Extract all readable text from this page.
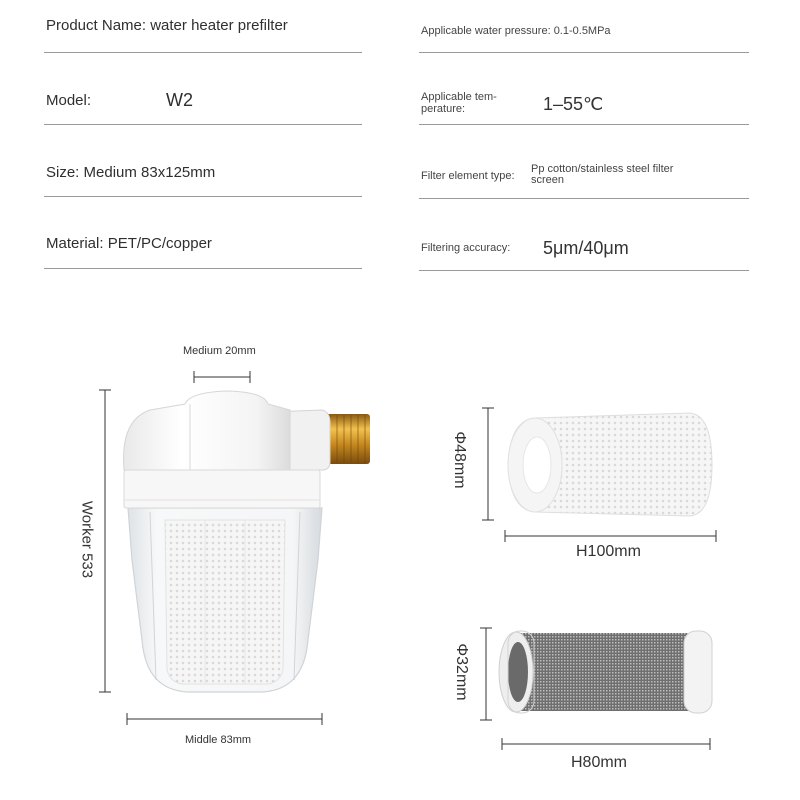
Product Name: water heater prefilter
Model:	W2
Size: Medium 83x125mm
Material: PET/PC/copper
Applicable water pressure: 0.1-0.5MPa
Applicable tem-
perature:	1–55℃
Filter element type:
Pp cotton/stainless steel filter
screen
Filtering accuracy: 5μm/40μm
Medium 20mm
Worker 533
Middle 83mm
Φ48mm
H100mm
Φ32mm
H80mm
